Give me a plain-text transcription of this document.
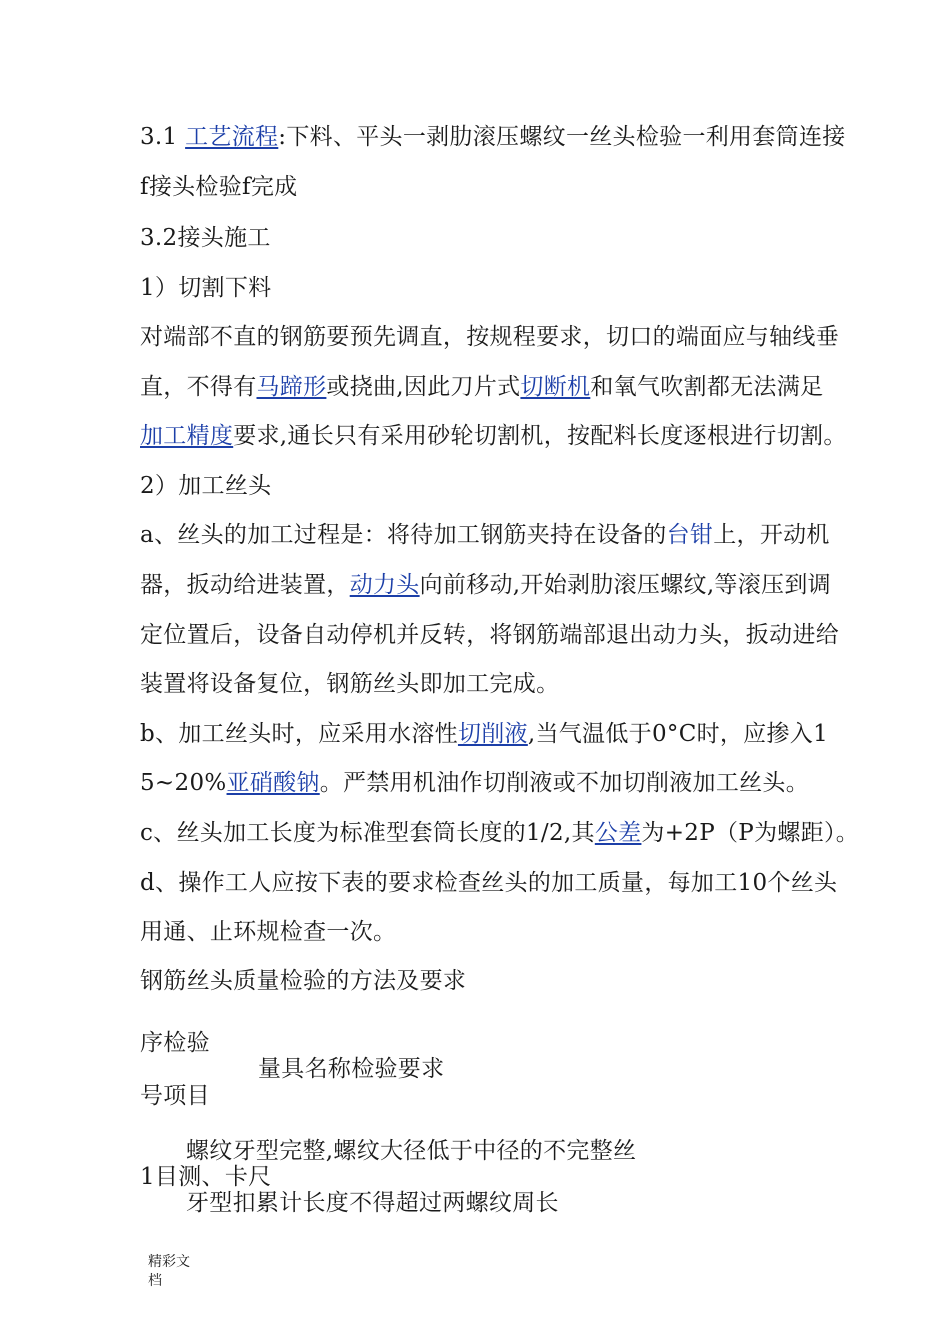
3.1 工艺流程:下料、平头一剥肋滚压螺纹一丝头检验一利用套筒连接
f接头检验f完成
3.2接头施工
1）切割下料
对端部不直的钢筋要预先调直，按规程要求，切口的端面应与轴线垂
直，不得有马蹄形或挠曲,因此刀片式切断机和氧气吹割都无法满足
加工精度要求,通长只有采用砂轮切割机，按配料长度逐根进行切割。
2）加工丝头
a、丝头的加工过程是：将待加工钢筋夹持在设备的台钳上，开动机
器，扳动给进装置，动力头向前移动,开始剥肋滚压螺纹,等滚压到调
定位置后，设备自动停机并反转，将钢筋端部退出动力头，扳动进给
装置将设备复位，钢筋丝头即加工完成。
b、加工丝头时，应采用水溶性切削液,当气温低于0°C时，应掺入1
5~20%亚硝酸钠。严禁用机油作切削液或不加切削液加工丝头。
c、丝头加工长度为标准型套筒长度的1/2,其公差为+2P（P为螺距）。
d、操作工人应按下表的要求检查丝头的加工质量，每加工10个丝头
用通、止环规检查一次。
钢筋丝头质量检验的方法及要求
序检验
量具名称检验要求
号项目
螺纹牙型完整,螺纹大径低于中径的不完整丝
1目测、卡尺
牙型扣累计长度不得超过两螺纹周长
精彩文
档
